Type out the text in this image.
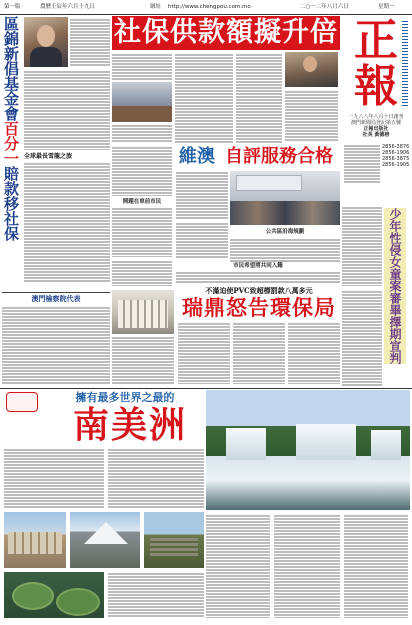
第一版	農曆壬辰年六月十九日	網址 http://www.chengpou.com.mo	二○一二年八月六日	星期一
區錦新倡基金會
百分一
賠款
移社保
全球最長雪龍之旅
社保供款額擬升倍 正
報
一九八八年八月十日創刊
澳門新聞局登記第五號
正報出版社
社長 黃德榜
2856-3876
2856-1906
2856-3875
2856-1905
維澳 自評服務合格
開題在車前市民
公共區沿海規劃
市民希望將共同入籍	少年性侵女童案審畢擇期宣判
澳門檢察院代表
不滿迫使PVC致超標罰款八萬多元
瑞鼎怒告環保局
擁有最多世界之最的
南美洲
